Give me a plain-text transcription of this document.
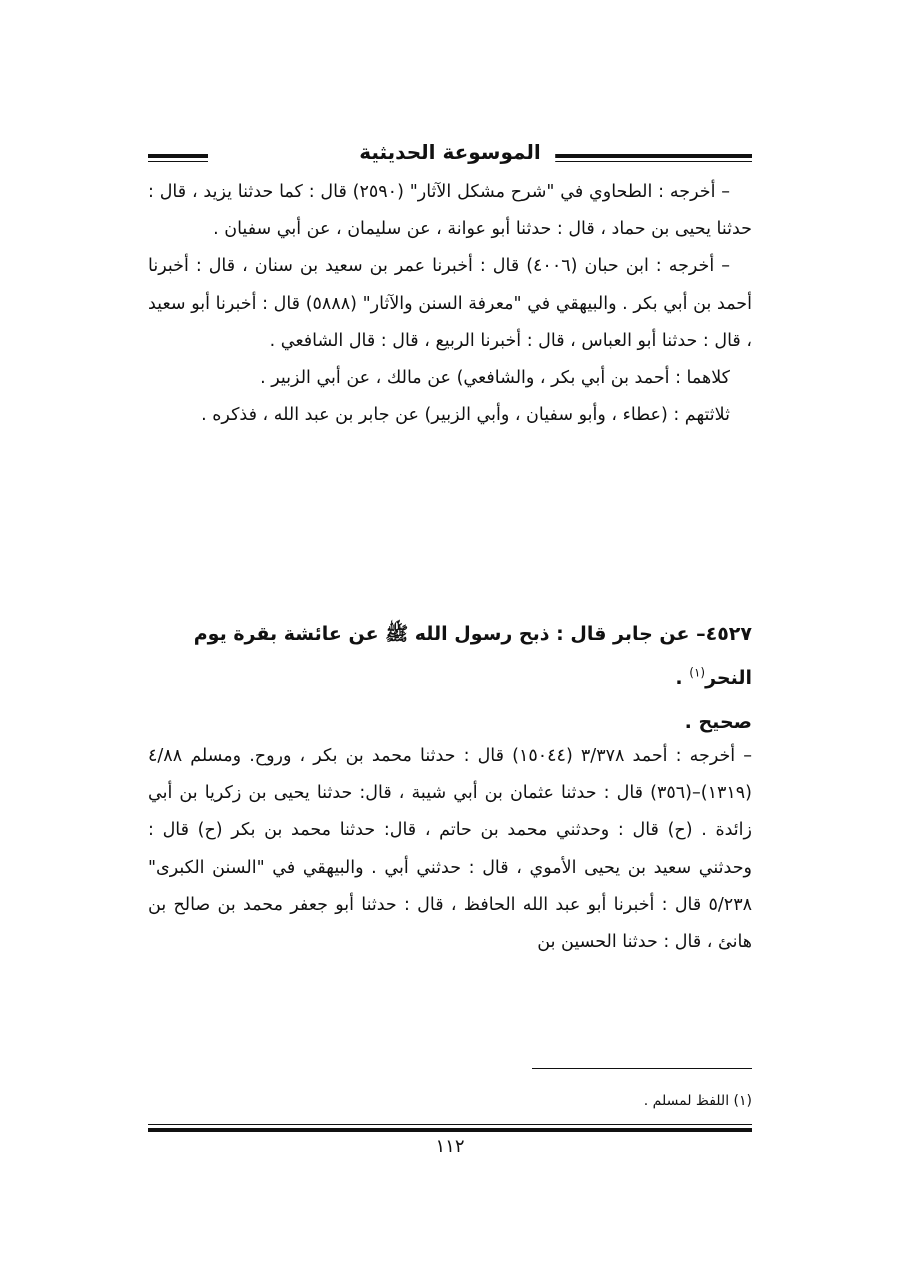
الموسوعة الحديثية

– أخرجه : الطحاوي في "شرح مشكل الآثار" (٢٥٩٠) قال : كما حدثنا يزيد ، قال : حدثنا يحيى بن حماد ، قال : حدثنا أبو عوانة ، عن سليمان ، عن أبي سفيان .

– أخرجه : ابن حبان (٤٠٠٦) قال : أخبرنا عمر بن سعيد بن سنان ، قال : أخبرنا أحمد بن أبي بكر . والبيهقي في "معرفة السنن والآثار" (٥٨٨٨) قال : أخبرنا أبو سعيد ، قال : حدثنا أبو العباس ، قال : أخبرنا الربيع ، قال : قال الشافعي .

كلاهما : أحمد بن أبي بكر ، والشافعي) عن مالك ، عن أبي الزبير .

ثلاثتهم : (عطاء ، وأبو سفيان ، وأبي الزبير) عن جابر بن عبد الله ، فذكره .

٤٥٢٧– عن جابر قال : ذبح رسول الله ﷺ عن عائشة بقرة يوم النحر$^{(١)}$ .
صحيح .

– أخرجه : أحمد ٣/٣٧٨ (١٥٠٤٤) قال : حدثنا محمد بن بكر ، وروح. ومسلم ٤/٨٨ (١٣١٩)–(٣٥٦) قال : حدثنا عثمان بن أبي شيبة ، قال: حدثنا يحيى بن زكريا بن أبي زائدة . (ح) قال : وحدثني محمد بن حاتم ، قال: حدثنا محمد بن بكر (ح) قال : وحدثني سعيد بن يحيى الأموي ، قال : حدثني أبي . والبيهقي في "السنن الكبرى" ٥/٢٣٨ قال : أخبرنا أبو عبد الله الحافظ ، قال : حدثنا أبو جعفر محمد بن صالح بن هانئ ، قال : حدثنا الحسين بن

(١) اللفظ لمسلم .
١١٢
